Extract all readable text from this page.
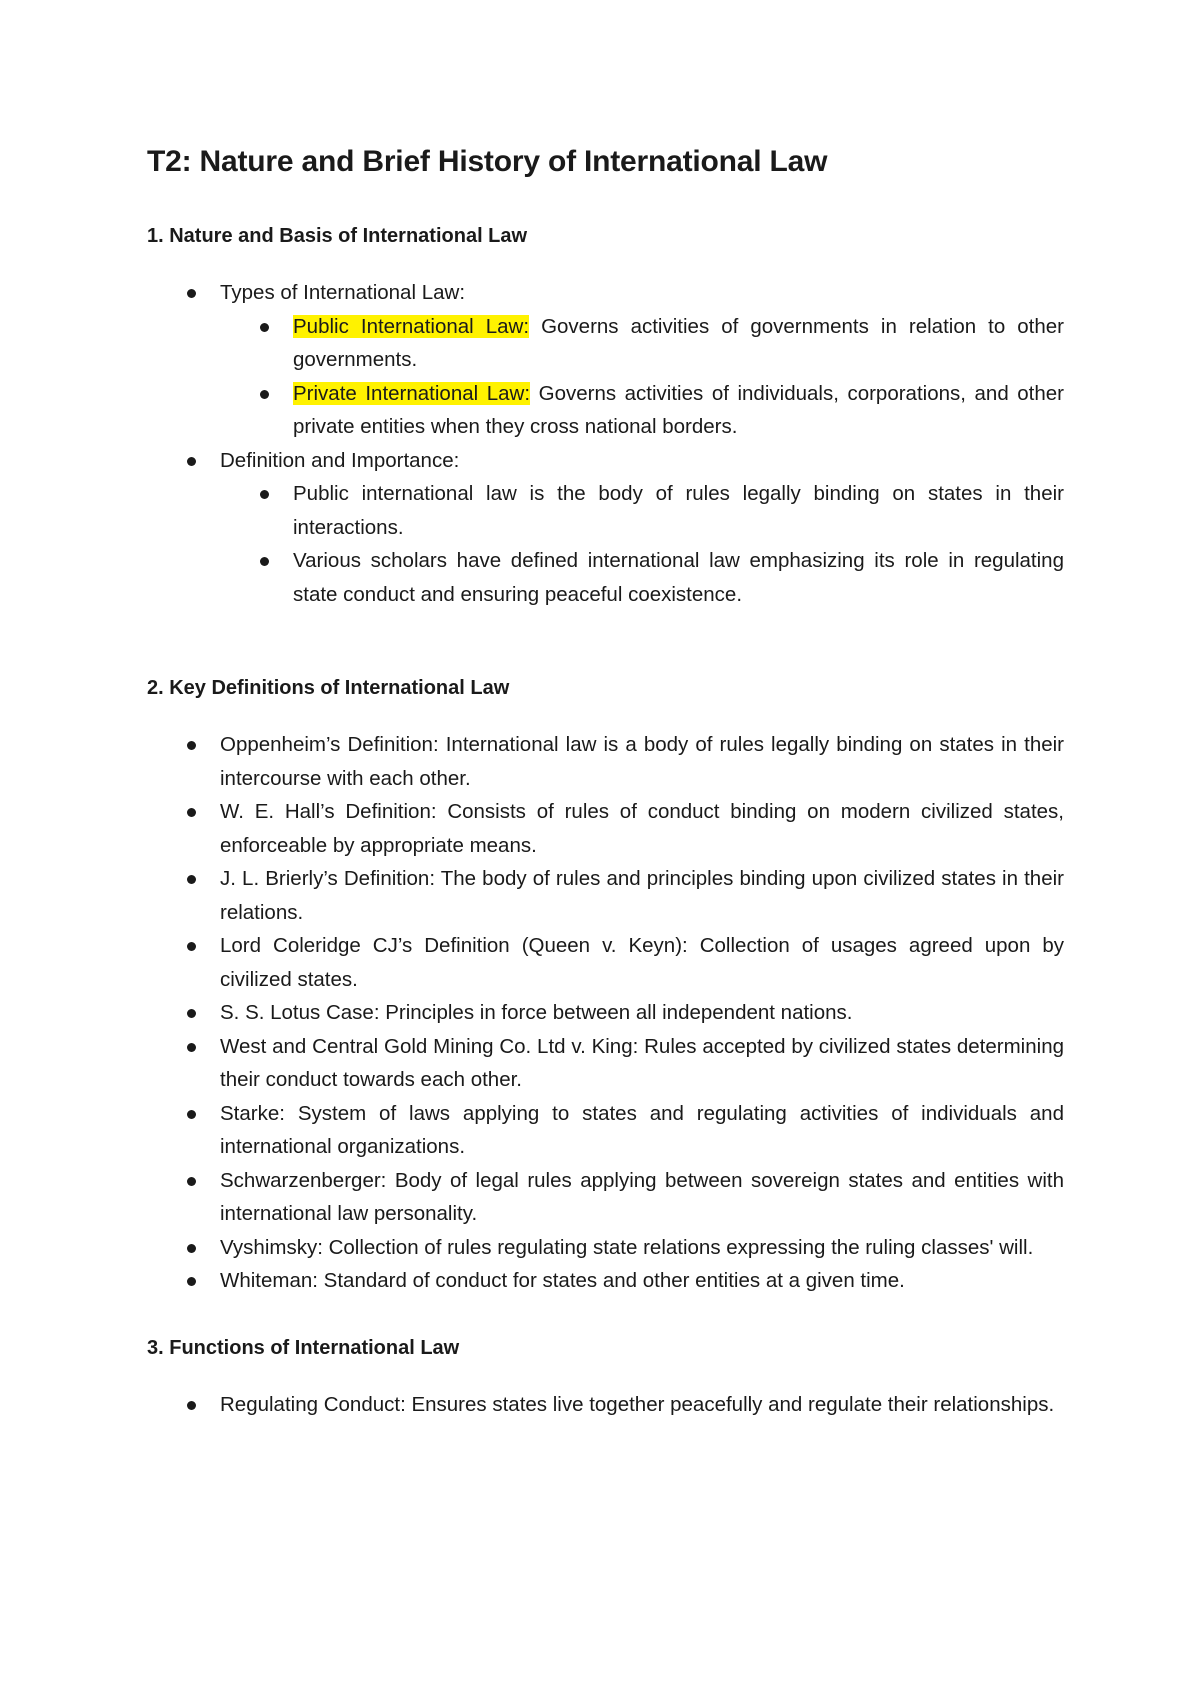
T2: Nature and Brief History of International Law
1. Nature and Basis of International Law
Types of International Law:
Public International Law: Governs activities of governments in relation to other governments.
Private International Law: Governs activities of individuals, corporations, and other private entities when they cross national borders.
Definition and Importance:
Public international law is the body of rules legally binding on states in their interactions.
Various scholars have defined international law emphasizing its role in regulating state conduct and ensuring peaceful coexistence.
2. Key Definitions of International Law
Oppenheim’s Definition: International law is a body of rules legally binding on states in their intercourse with each other.
W. E. Hall’s Definition: Consists of rules of conduct binding on modern civilized states, enforceable by appropriate means.
J. L. Brierly’s Definition: The body of rules and principles binding upon civilized states in their relations.
Lord Coleridge CJ’s Definition (Queen v. Keyn): Collection of usages agreed upon by civilized states.
S. S. Lotus Case: Principles in force between all independent nations.
West and Central Gold Mining Co. Ltd v. King: Rules accepted by civilized states determining their conduct towards each other.
Starke: System of laws applying to states and regulating activities of individuals and international organizations.
Schwarzenberger: Body of legal rules applying between sovereign states and entities with international law personality.
Vyshimsky: Collection of rules regulating state relations expressing the ruling classes' will.
Whiteman: Standard of conduct for states and other entities at a given time.
3. Functions of International Law
Regulating Conduct: Ensures states live together peacefully and regulate their relationships.
